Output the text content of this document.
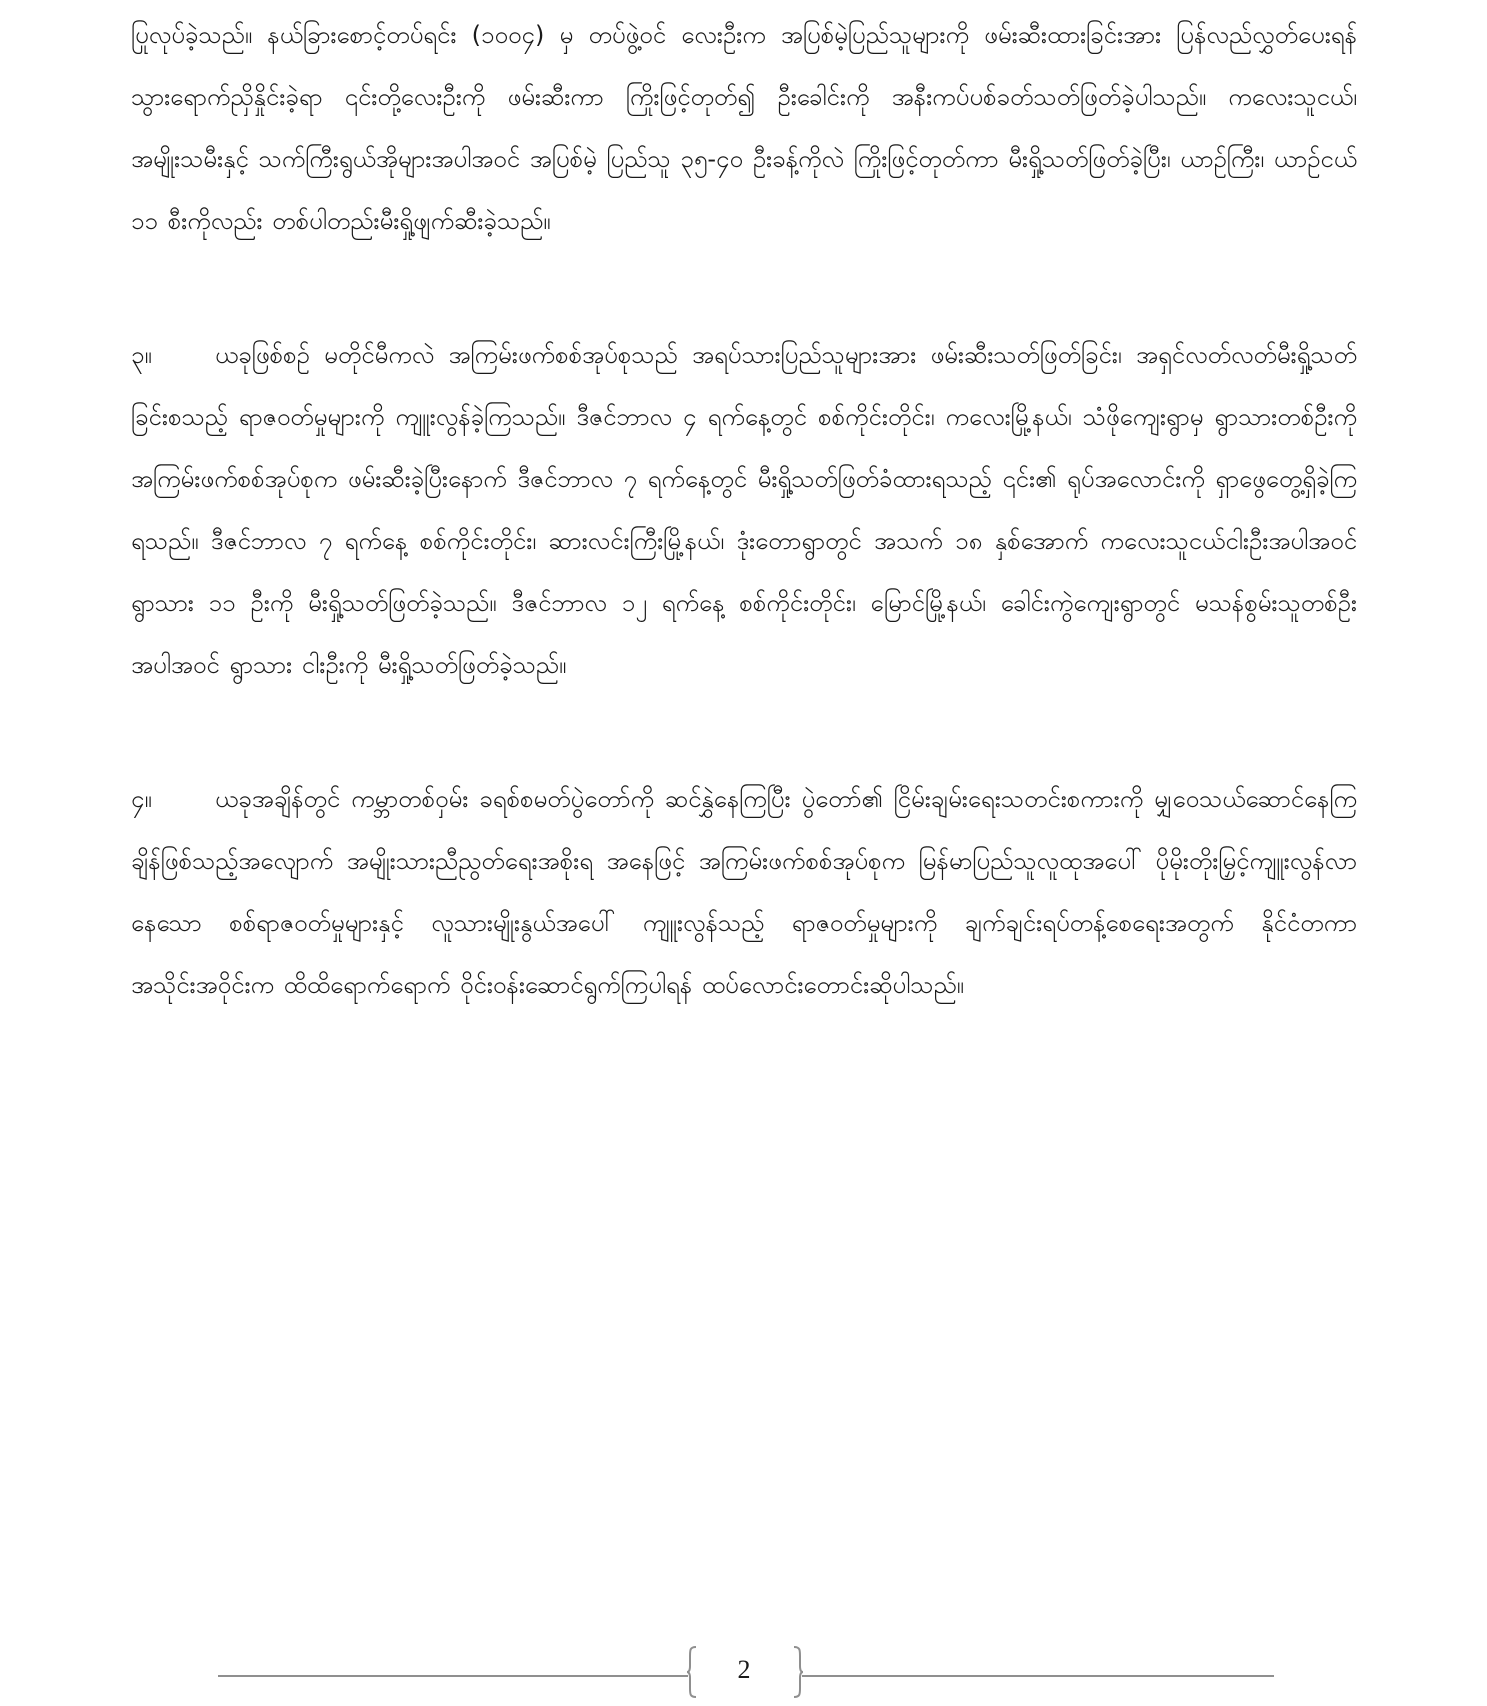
ပြုလုပ်ခဲ့သည်။ နယ်ခြားစောင့်တပ်ရင်း (၁၀၀၄) မှ တပ်ဖွဲ့ဝင် လေးဦးက အပြစ်မဲ့ပြည်သူများကို ဖမ်းဆီးထားခြင်းအား ပြန်လည်လွှတ်ပေးရန် သွားရောက်ညှိနှိုင်းခဲ့ရာ ၎င်းတို့လေးဦးကို ဖမ်းဆီးကာ ကြိုးဖြင့်တုတ်၍ ဦးခေါင်းကို အနီးကပ်ပစ်ခတ်သတ်ဖြတ်ခဲ့ပါသည်။ ကလေးသူငယ်၊ အမျိုးသမီးနှင့် သက်ကြီးရွယ်အိုများအပါအဝင် အပြစ်မဲ့ ပြည်သူ ၃၅-၄၀ ဦးခန့်ကိုလဲ ကြိုးဖြင့်တုတ်ကာ မီးရှို့သတ်ဖြတ်ခဲ့ပြီး၊ ယာဉ်ကြီး၊ ယာဉ်ငယ် ၁၁ စီးကိုလည်း တစ်ပါတည်းမီးရှို့ဖျက်ဆီးခဲ့သည်။

၃။	ယခုဖြစ်စဉ် မတိုင်မီကလဲ အကြမ်းဖက်စစ်အုပ်စုသည် အရပ်သားပြည်သူများအား ဖမ်းဆီးသတ်ဖြတ်ခြင်း၊ အရှင်လတ်လတ်မီးရှို့သတ်ခြင်းစသည့် ရာဇဝတ်မှုများကို ကျူးလွန်ခဲ့ကြသည်။ ဒီဇင်ဘာလ ၄ ရက်နေ့တွင် စစ်ကိုင်းတိုင်း၊ ကလေးမြို့နယ်၊ သံဖိုကျေးရွာမှ ရွာသားတစ်ဦးကို အကြမ်းဖက်စစ်အုပ်စုက ဖမ်းဆီးခဲ့ပြီးနောက် ဒီဇင်ဘာလ ၇ ရက်နေ့တွင် မီးရှို့သတ်ဖြတ်ခံထားရသည့် ၎င်း၏ ရုပ်အလောင်းကို ရှာဖွေတွေ့ရှိခဲ့ကြရသည်။ ဒီဇင်ဘာလ ၇ ရက်နေ့ စစ်ကိုင်းတိုင်း၊ ဆားလင်းကြီးမြို့နယ်၊ ဒုံးတောရွာတွင် အသက် ၁၈ နှစ်အောက် ကလေးသူငယ်ငါးဦးအပါအဝင် ရွာသား ၁၁ ဦးကို မီးရှို့သတ်ဖြတ်ခဲ့သည်။ ဒီဇင်ဘာလ ၁၂ ရက်နေ့ စစ်ကိုင်းတိုင်း၊ မြောင်မြို့နယ်၊ ခေါင်းကွဲကျေးရွာတွင် မသန်စွမ်းသူတစ်ဦးအပါအဝင် ရွာသား ငါးဦးကို မီးရှို့သတ်ဖြတ်ခဲ့သည်။

၄။	ယခုအချိန်တွင် ကမ္ဘာတစ်ဝှမ်း ခရစ်စမတ်ပွဲတော်ကို ဆင်နွှဲနေကြပြီး ပွဲတော်၏ ငြိမ်းချမ်းရေးသတင်းစကားကို မျှဝေသယ်ဆောင်နေကြချိန်ဖြစ်သည့်အလျောက် အမျိုးသားညီညွတ်ရေးအစိုးရ အနေဖြင့် အကြမ်းဖက်စစ်အုပ်စုက မြန်မာပြည်သူလူထုအပေါ် ပိုမိုးတိုးမြှင့်ကျူးလွန်လာနေသော စစ်ရာဇဝတ်မှုများနှင့် လူသားမျိုးနွယ်အပေါ် ကျူးလွန်သည့် ရာဇဝတ်မှုများကို ချက်ချင်းရပ်တန့်စေရေးအတွက် နိုင်ငံတကာ အသိုင်းအဝိုင်းက ထိထိရောက်ရောက် ဝိုင်းဝန်းဆောင်ရွက်ကြပါရန် ထပ်လောင်းတောင်းဆိုပါသည်။

2
